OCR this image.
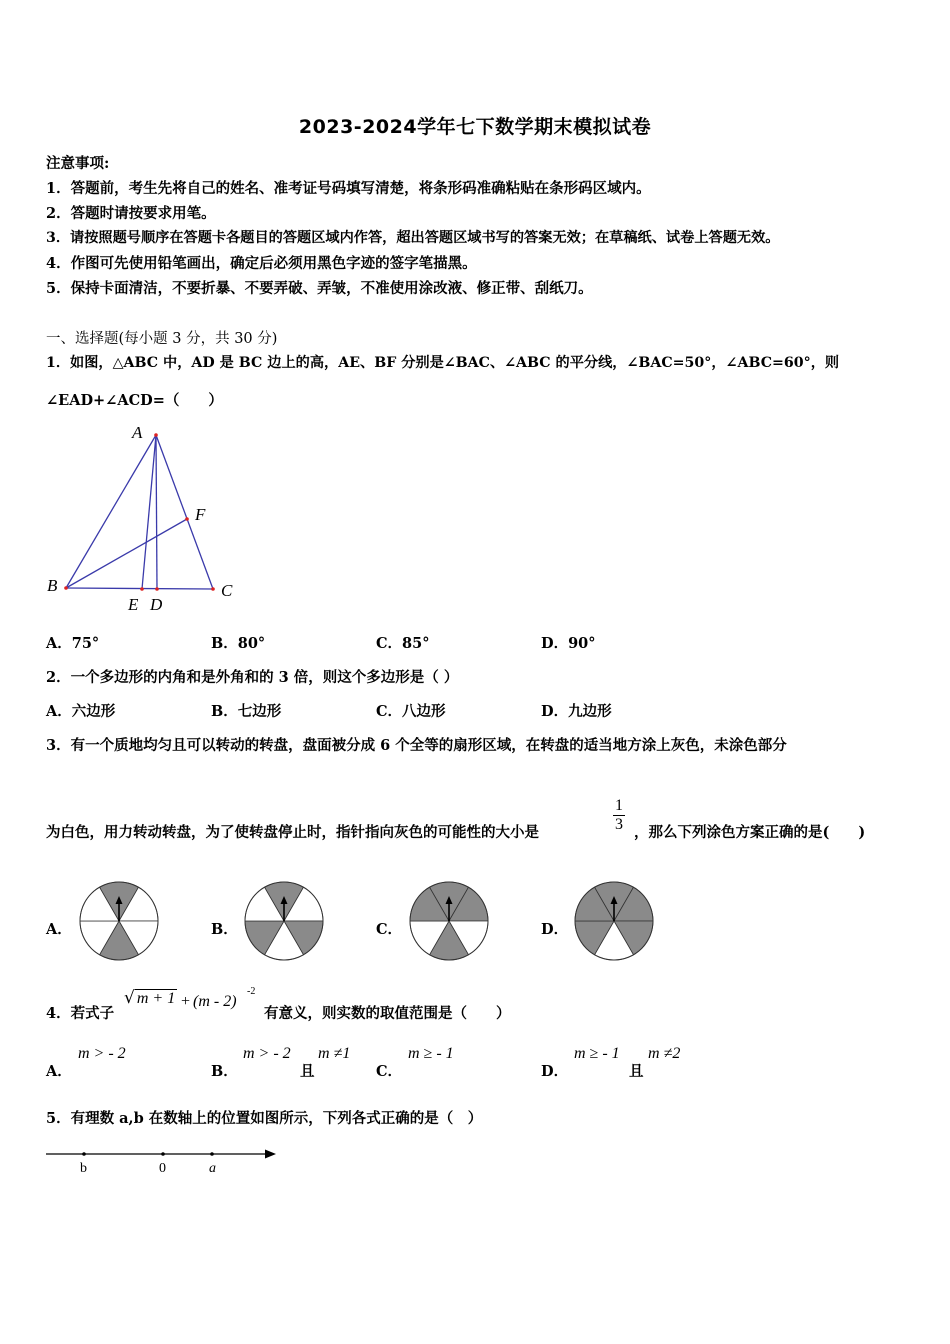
2023-2024学年七下数学期末模拟试卷
注意事项:
1．答题前，考生先将自己的姓名、准考证号码填写清楚，将条形码准确粘贴在条形码区域内。
2．答题时请按要求用笔。
3．请按照题号顺序在答题卡各题目的答题区域内作答，超出答题区域书写的答案无效；在草稿纸、试卷上答题无效。
4．作图可先使用铅笔画出，确定后必须用黑色字迹的签字笔描黑。
5．保持卡面清洁，不要折暴、不要弄破、弄皱，不准使用涂改液、修正带、刮纸刀。
一、选择题(每小题 3 分，共 30 分)
1．如图，△ABC 中，AD 是 BC 边上的高，AE、BF 分别是∠BAC、∠ABC 的平分线，∠BAC=50°，∠ABC=60°，则
∠EAD+∠ACD=（　　）
A
B	C
F
E D
A．75°	B．80°	C．85°	D．90°
2．一个多边形的内角和是外角和的 3 倍，则这个多边形是（ ）
A．六边形	B．七边形	C．八边形	D．九边形
3．有一个质地均匀且可以转动的转盘，盘面被分成 6 个全等的扇形区域，在转盘的适当地方涂上灰色，未涂色部分
为白色，用力转动转盘，为了使转盘停止时，指针指向灰色的可能性的大小是	$\frac{1}{3}$ ，那么下列涂色方案正确的是(　　)
A．	B．	C．	D．
4．若式子
√ m + 1 + (m - 2)
-2
有意义，则实数的取值范围是（　　）
A．
m > - 2
B．
m > - 2
且
m ≠1
C．
m ≥ - 1
D．
m ≥ - 1
且
m ≠2
5．有理数 a,b 在数轴上的位置如图所示，下列各式正确的是（　）
b	0	a
